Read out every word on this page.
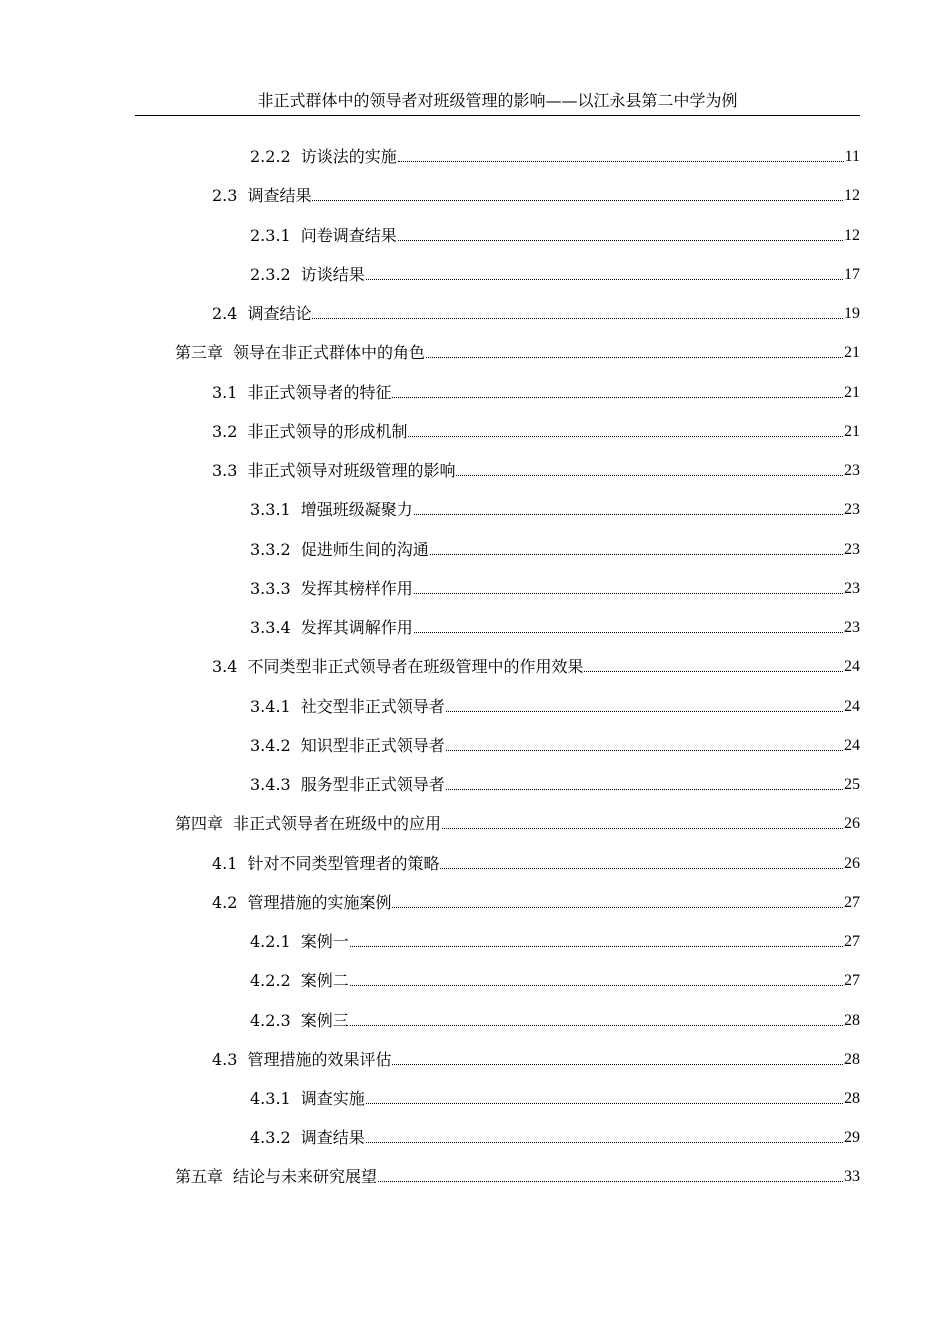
非正式群体中的领导者对班级管理的影响——以江永县第二中学为例
2.2.2 访谈法的实施	11
2.3 调查结果	12
2.3.1 问卷调查结果	12
2.3.2 访谈结果	17
2.4 调查结论	19
第三章 领导在非正式群体中的角色	21
3.1 非正式领导者的特征	21
3.2 非正式领导的形成机制	21
3.3 非正式领导对班级管理的影响	23
3.3.1 增强班级凝聚力	23
3.3.2 促进师生间的沟通	23
3.3.3 发挥其榜样作用	23
3.3.4 发挥其调解作用	23
3.4 不同类型非正式领导者在班级管理中的作用效果	24
3.4.1 社交型非正式领导者	24
3.4.2 知识型非正式领导者	24
3.4.3 服务型非正式领导者	25
第四章 非正式领导者在班级中的应用	26
4.1 针对不同类型管理者的策略	26
4.2 管理措施的实施案例	27
4.2.1 案例一	27
4.2.2 案例二	27
4.2.3 案例三	28
4.3 管理措施的效果评估	28
4.3.1 调查实施	28
4.3.2 调查结果	29
第五章 结论与未来研究展望	33
